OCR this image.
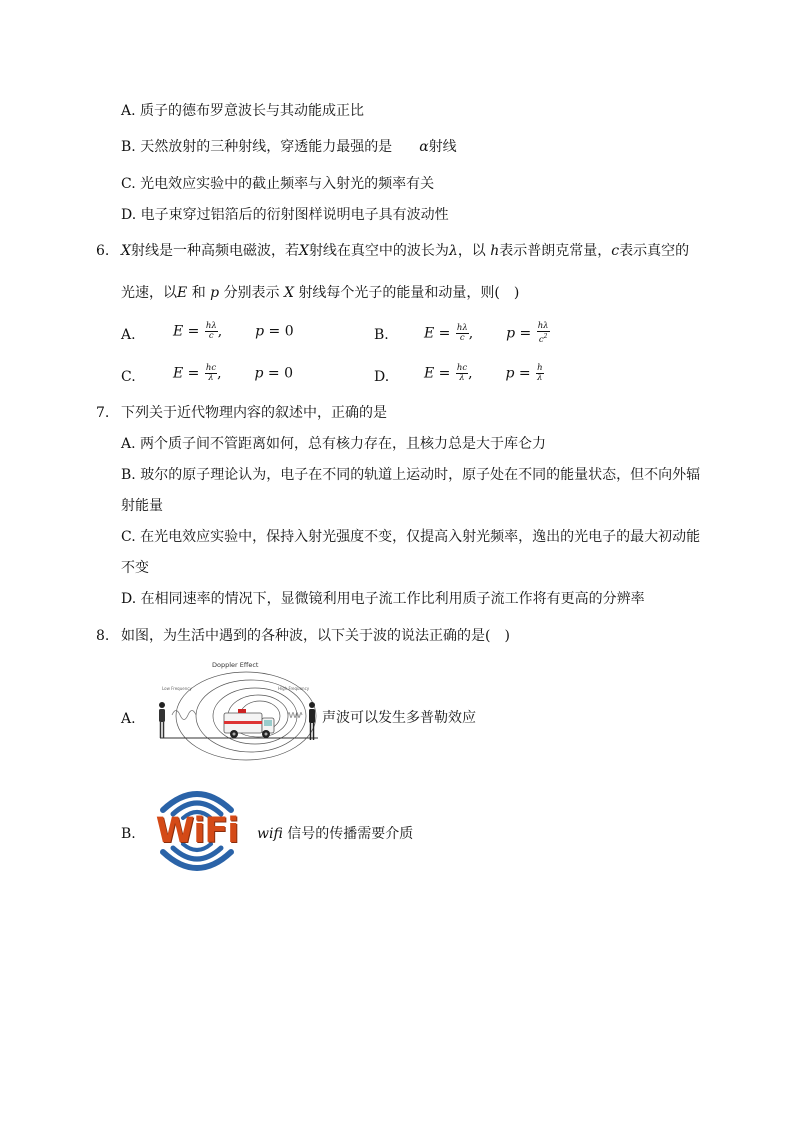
A. 质子的德布罗意波长与其动能成正比
B. 天然放射的三种射线，穿透能力最强的是 α射线
C. 光电效应实验中的截止频率与入射光的频率有关
D. 电子束穿过铝箔后的衍射图样说明电子具有波动性
6. X射线是一种高频电磁波，若X射线在真空中的波长为λ，以 h表示普朗克常量，c表示真空的
光速，以E 和 p 分别表示 X 射线每个光子的能量和动量，则(　)
A.	$E = \frac{h\lambda}{c}$ , p = 0	B.	$E = \frac{h\lambda}{c}$ , $p = \frac{h\lambda}{c^2}$
C.	$E = \frac{hc}{\lambda}$ , p = 0	D. $E = \frac{hc}{\lambda}$ , $p = \frac{h}{\lambda}$
7. 下列关于近代物理内容的叙述中，正确的是
A. 两个质子间不管距离如何，总有核力存在，且核力总是大于库仑力
B. 玻尔的原子理论认为，电子在不同的轨道上运动时，原子处在不同的能量状态，但不向外辐
射能量
C. 在光电效应实验中，保持入射光强度不变，仅提高入射光频率，逸出的光电子的最大初动能
不变
D. 在相同速率的情况下，显微镜利用电子流工作比利用质子流工作将有更高的分辨率
8. 如图，为生活中遇到的各种波，以下关于波的说法正确的是(　)
A.
Doppler Effect
Low Frequency	High Frequency
声波可以发生多普勒效应
B. WiFi	wifi 信号的传播需要介质
